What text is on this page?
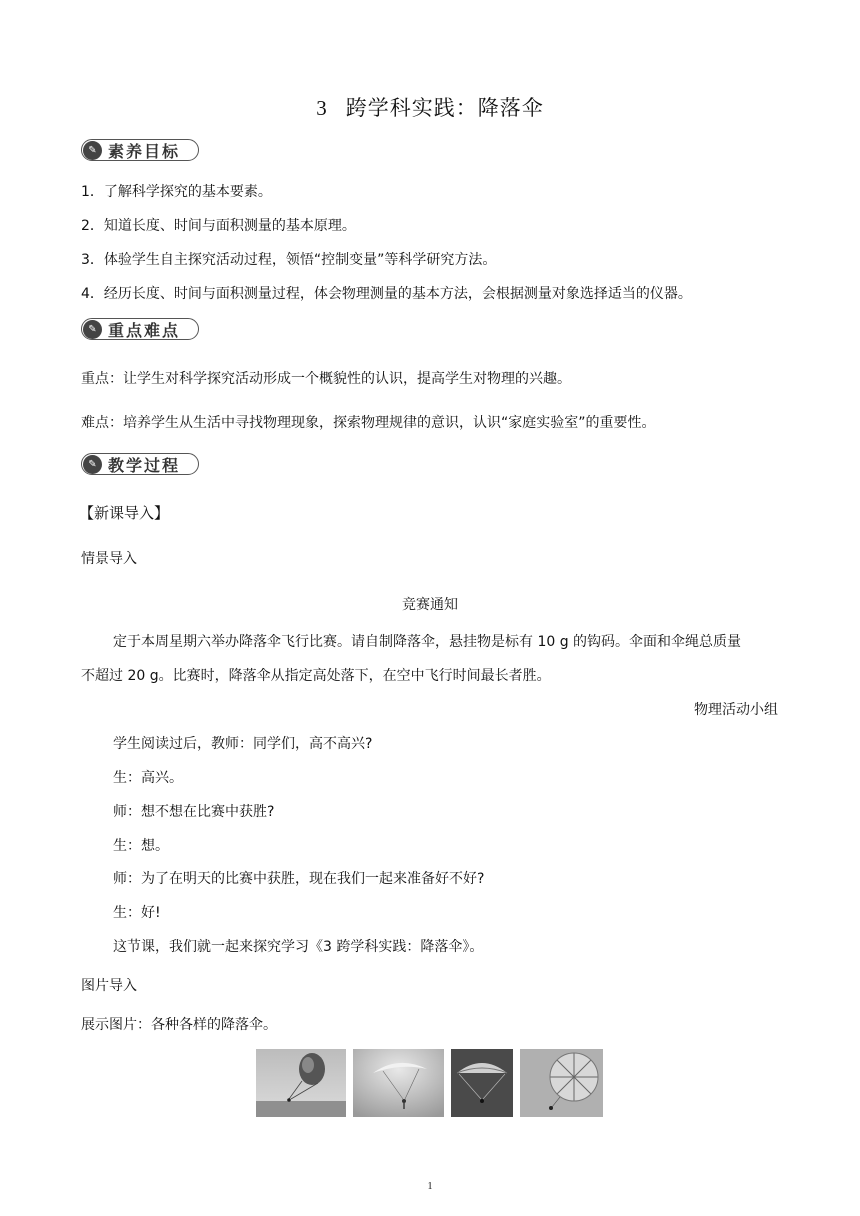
3 跨学科实践：降落伞
✎ 素养目标
1．了解科学探究的基本要素。
2．知道长度、时间与面积测量的基本原理。
3．体验学生自主探究活动过程，领悟“控制变量”等科学研究方法。
4．经历长度、时间与面积测量过程，体会物理测量的基本方法，会根据测量对象选择适当的仪器。
✎ 重点难点
重点：让学生对科学探究活动形成一个概貌性的认识，提高学生对物理的兴趣。
难点：培养学生从生活中寻找物理现象，探索物理规律的意识，认识“家庭实验室”的重要性。
✎ 教学过程
【新课导入】
情景导入
竞赛通知
定于本周星期六举办降落伞飞行比赛。请自制降落伞，悬挂物是标有 10 g 的钩码。伞面和伞绳总质量
不超过 20 g。比赛时，降落伞从指定高处落下，在空中飞行时间最长者胜。
物理活动小组
学生阅读过后，教师：同学们，高不高兴?
生：高兴。
师：想不想在比赛中获胜?
生：想。
师：为了在明天的比赛中获胜，现在我们一起来准备好不好?
生：好!
这节课，我们就一起来探究学习《3 跨学科实践：降落伞》。
图片导入
展示图片：各种各样的降落伞。
1
